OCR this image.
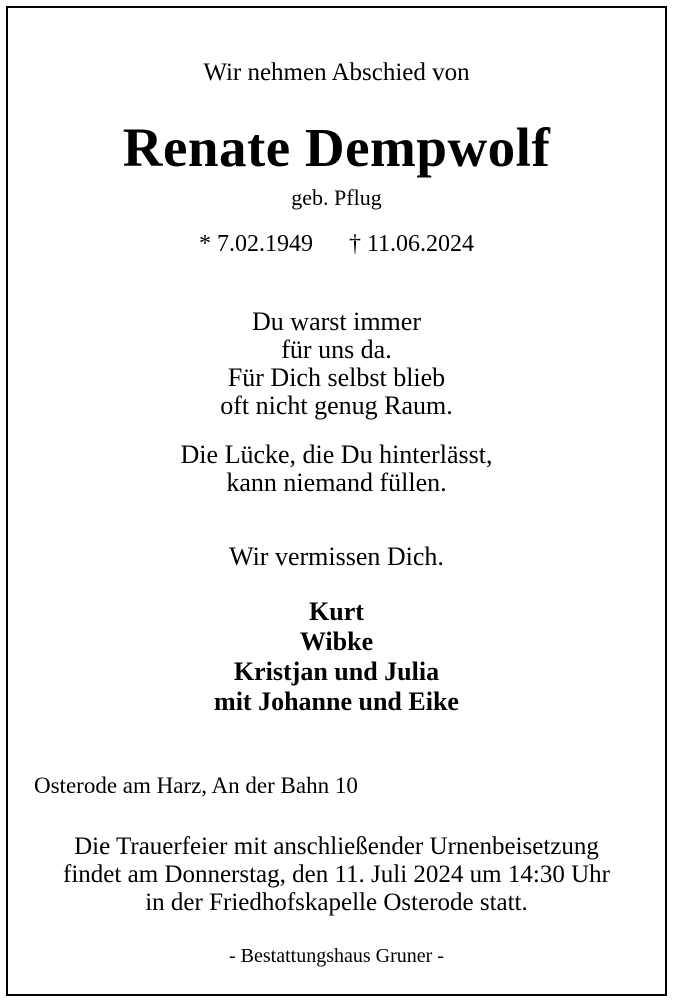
Wir nehmen Abschied von
Renate Dempwolf
geb. Pflug
* 7.02.1949 † 11.06.2024
Du warst immer
für uns da.
Für Dich selbst blieb
oft nicht genug Raum.
Die Lücke, die Du hinterlässt,
kann niemand füllen.
Wir vermissen Dich.
Kurt
Wibke
Kristjan und Julia
mit Johanne und Eike
Osterode am Harz, An der Bahn 10
Die Trauerfeier mit anschließender Urnenbeisetzung
findet am Donnerstag, den 11. Juli 2024 um 14:30 Uhr
in der Friedhofskapelle Osterode statt.
- Bestattungshaus Gruner -
